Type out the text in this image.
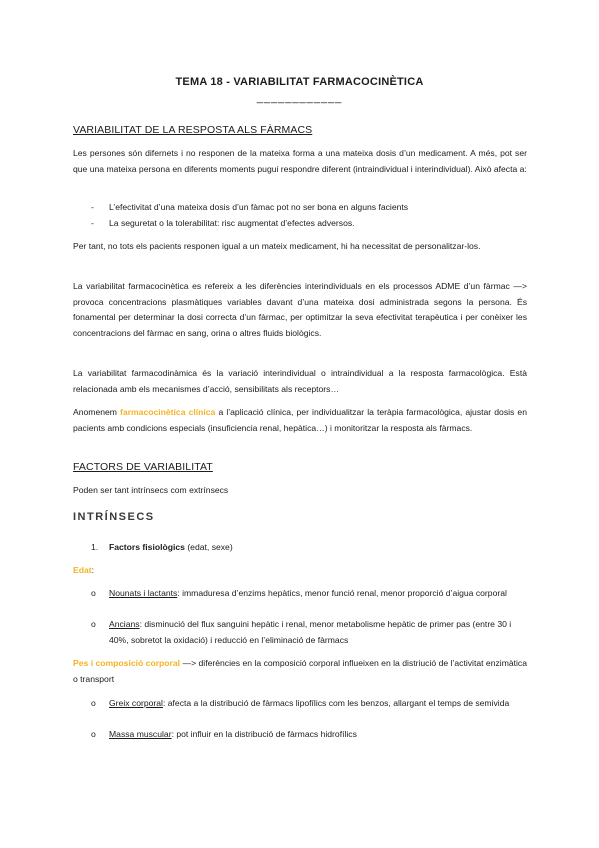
TEMA 18 - VARIABILITAT FARMACOCINÈTICA
____________
VARIABILITAT DE LA RESPOSTA ALS FÀRMACS

Les persones són difernets i no responen de la mateixa forma a una mateixa dosis d’un medicament. A més, pot ser que una mateixa persona en diferents moments pugui respondre diferent (intraindividual i interindividual). Això afecta a:

- L’efectivitat d’una mateixa dosis d’un fàmac pot no ser bona en alguns facients
- La seguretat o la tolerabilitat: risc augmentat d’efectes adversos.

Per tant, no tots els pacients responen igual a un mateix medicament, hi ha necessitat de personalitzar-los.

La variabilitat farmacocinètica es refereix a les diferències interindividuals en els processos ADME d’un fàrmac —> provoca concentracions plasmàtiques variables davant d’una mateixa dosi administrada segons la persona. És fonamental per determinar la dosi correcta d’un fàrmac, per optimitzar la seva efectivitat terapèutica i per conèixer les concentracions del fàrmac en sang, orina o altres fluids biològics.

La variabilitat farmacodinàmica és la variació interindividual o intraindividual a la resposta farmacològica. Està relacionada amb els mecanismes d’acció, sensibilitats als receptors…

Anomenem farmacocinètica clínica a l’aplicació clínica, per individualitzar la teràpia farmacològica, ajustar dosis en pacients amb condicions especials (insuficiencia renal, hepàtica…) i monitoritzar la resposta als fàrmacs.

FACTORS DE VARIABILITAT

Poden ser tant intrínsecs com extrínsecs

INTRÍNSECS
1. Factors fisiològics (edat, sexe)
Edat:
o Nounats i lactants: immaduresa d’enzims hepàtics, menor funció renal, menor proporció d’aigua corporal
o Ancians: disminució del flux sanguini hepàtic i renal, menor metabolisme hepàtic de primer pas (entre 30 i 40%, sobretot la oxidació) i reducció en l’eliminació de fàrmacs

Pes i composició corporal —> diferències en la composició corporal influeixen en la distriució de l’activitat enzimàtica o transport

o Greix corporal: afecta a la distribució de fàrmacs lipofílics com les benzos, allargant el temps de semivida
o Massa muscular: pot influir en la distribució de fàrmacs hidrofílics
